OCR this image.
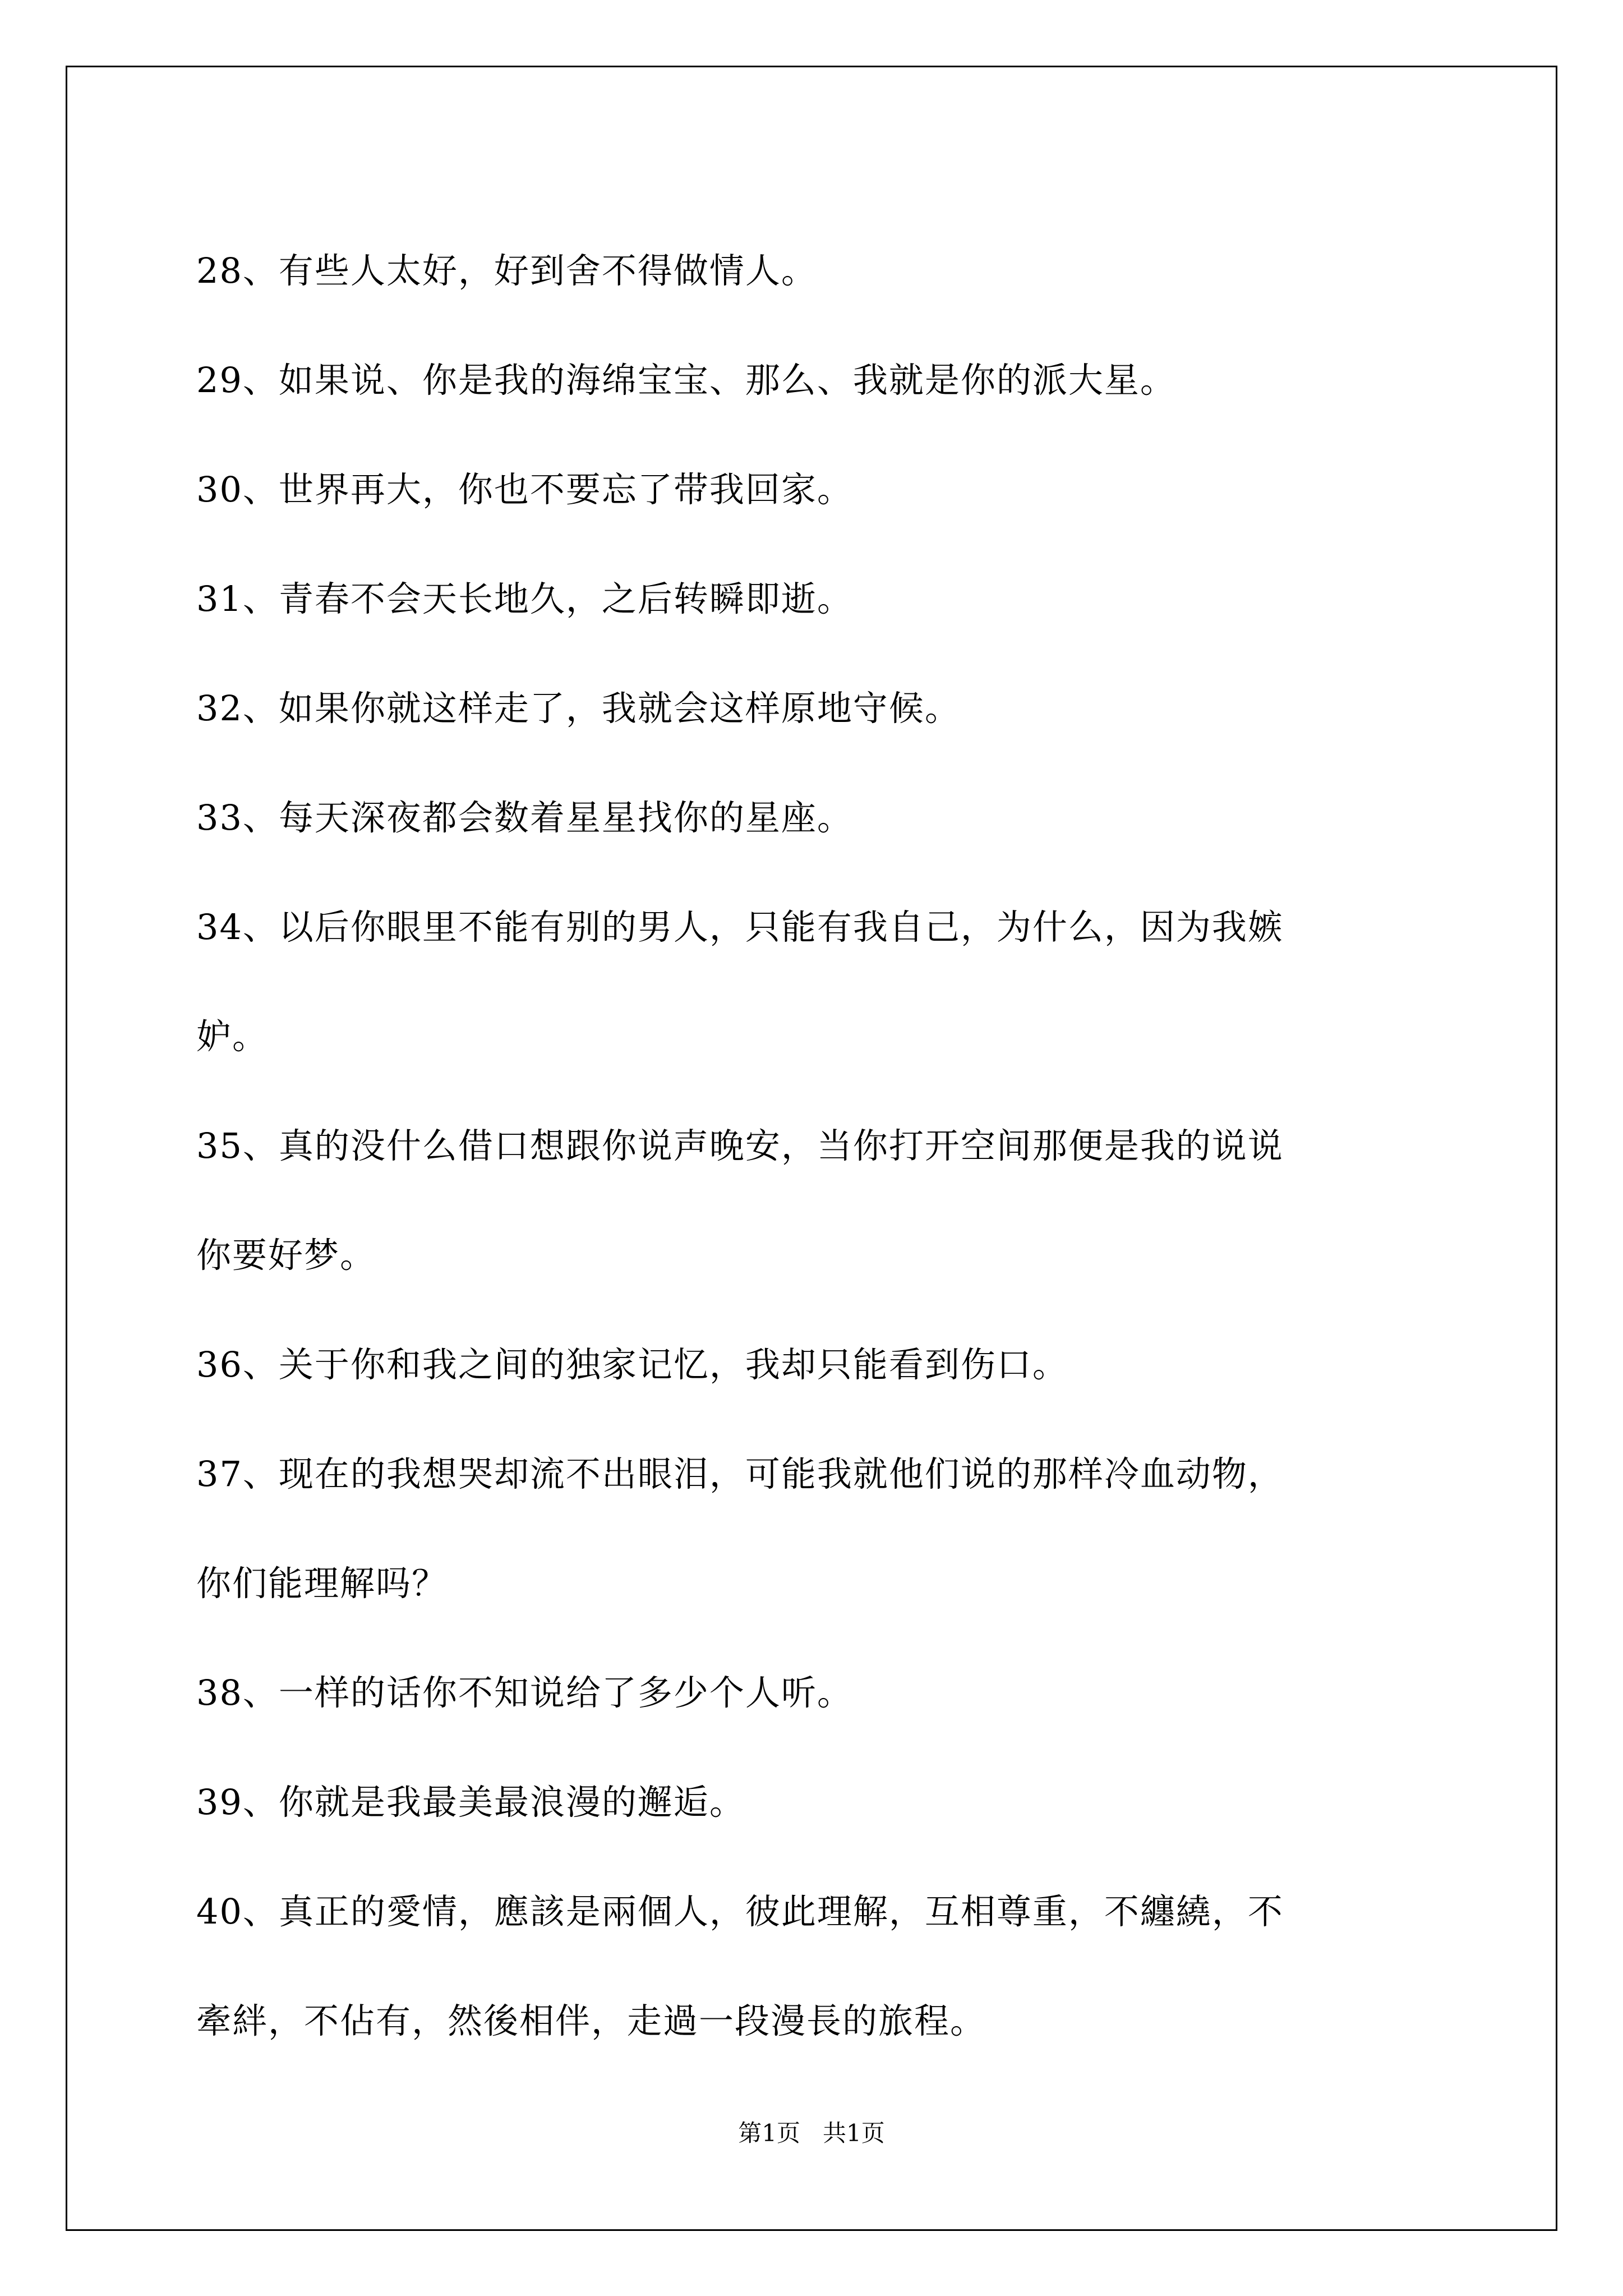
28、有些人太好，好到舍不得做情人。
29、如果说、你是我的海绵宝宝、那么、我就是你的派大星。
30、世界再大，你也不要忘了带我回家。
31、青春不会天长地久，之后转瞬即逝。
32、如果你就这样走了，我就会这样原地守候。
33、每天深夜都会数着星星找你的星座。
34、以后你眼里不能有别的男人，只能有我自己，为什么，因为我嫉
妒。
35、真的没什么借口想跟你说声晚安，当你打开空间那便是我的说说
你要好梦。
36、关于你和我之间的独家记忆，我却只能看到伤口。
37、现在的我想哭却流不出眼泪，可能我就他们说的那样冷血动物，
你们能理解吗？
38、一样的话你不知说给了多少个人听。
39、你就是我最美最浪漫的邂逅。
40、真正的愛情，應該是兩個人，彼此理解，互相尊重，不纏繞，不
牽絆，不佔有，然後相伴，走過一段漫長的旅程。
第1页   共1页
